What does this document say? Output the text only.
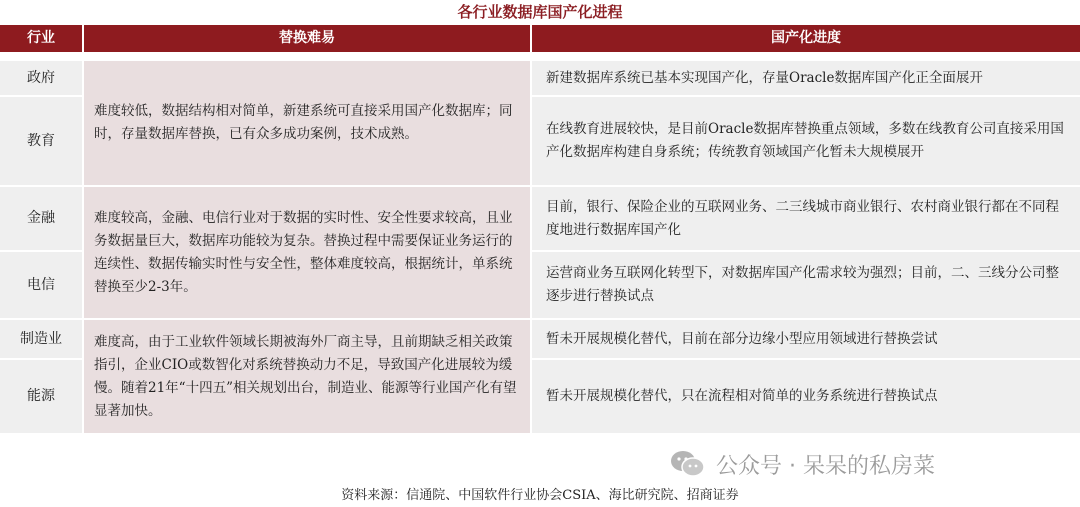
各行业数据库国产化进程
行业	替换难易	国产化进度
政府
教育
金融
电信
制造业
能源
难度较低，数据结构相对简单，新建系统可直接采用国产化数据库；同时，存量数据库替换，已有众多成功案例，技术成熟。
难度较高，金融、电信行业对于数据的实时性、安全性要求较高，且业务数据量巨大，数据库功能较为复杂。替换过程中需要保证业务运行的连续性、数据传输实时性与安全性，整体难度较高，根据统计，单系统替换至少2-3年。
难度高，由于工业软件领域长期被海外厂商主导，且前期缺乏相关政策指引，企业CIO或数智化对系统替换动力不足，导致国产化进展较为缓慢。随着21年“十四五”相关规划出台，制造业、能源等行业国产化有望显著加快。
新建数据库系统已基本实现国产化，存量Oracle数据库国产化正全面展开
在线教育进展较快，是目前Oracle数据库替换重点领域，多数在线教育公司直接采用国产化数据库构建自身系统；传统教育领域国产化暂未大规模展开
目前，银行、保险企业的互联网业务、二三线城市商业银行、农村商业银行都在不同程度地进行数据库国产化
运营商业务互联网化转型下，对数据库国产化需求较为强烈；目前，二、三线分公司整逐步进行替换试点
暂未开展规模化替代，目前在部分边缘小型应用领域进行替换尝试
暂未开展规模化替代，只在流程相对简单的业务系统进行替换试点
公众号 · 呆呆的私房菜
资料来源：信通院、中国软件行业协会CSIA、海比研究院、招商证券
